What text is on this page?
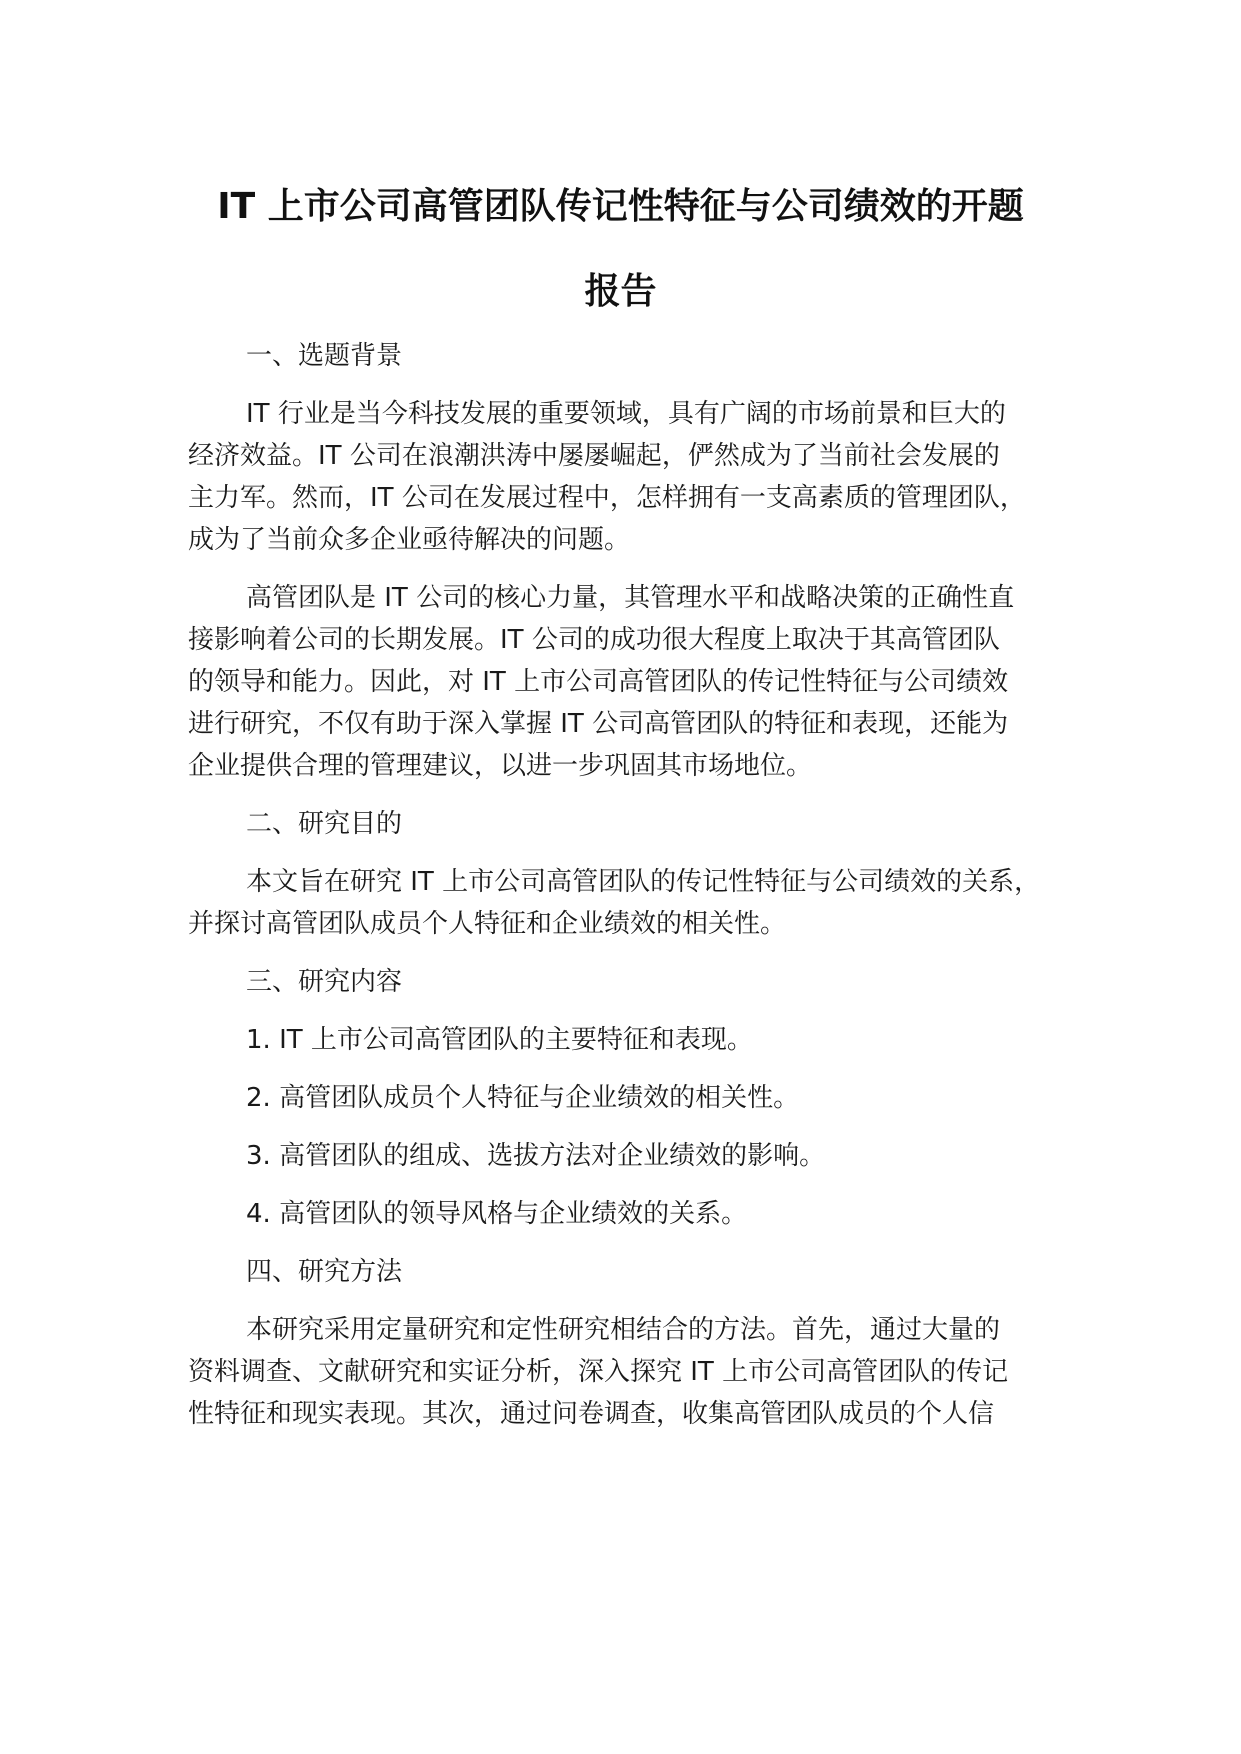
IT 上市公司高管团队传记性特征与公司绩效的开题
报告
一、选题背景
IT 行业是当今科技发展的重要领域，具有广阔的市场前景和巨大的
经济效益。IT 公司在浪潮洪涛中屡屡崛起，俨然成为了当前社会发展的
主力军。然而，IT 公司在发展过程中，怎样拥有一支高素质的管理团队，
成为了当前众多企业亟待解决的问题。
高管团队是 IT 公司的核心力量，其管理水平和战略决策的正确性直
接影响着公司的长期发展。IT 公司的成功很大程度上取决于其高管团队
的领导和能力。因此，对 IT 上市公司高管团队的传记性特征与公司绩效
进行研究，不仅有助于深入掌握 IT 公司高管团队的特征和表现，还能为
企业提供合理的管理建议，以进一步巩固其市场地位。
二、研究目的
本文旨在研究 IT 上市公司高管团队的传记性特征与公司绩效的关系，
并探讨高管团队成员个人特征和企业绩效的相关性。
三、研究内容
1. IT 上市公司高管团队的主要特征和表现。
2. 高管团队成员个人特征与企业绩效的相关性。
3. 高管团队的组成、选拔方法对企业绩效的影响。
4. 高管团队的领导风格与企业绩效的关系。
四、研究方法
本研究采用定量研究和定性研究相结合的方法。首先，通过大量的
资料调查、文献研究和实证分析，深入探究 IT 上市公司高管团队的传记
性特征和现实表现。其次，通过问卷调查，收集高管团队成员的个人信
